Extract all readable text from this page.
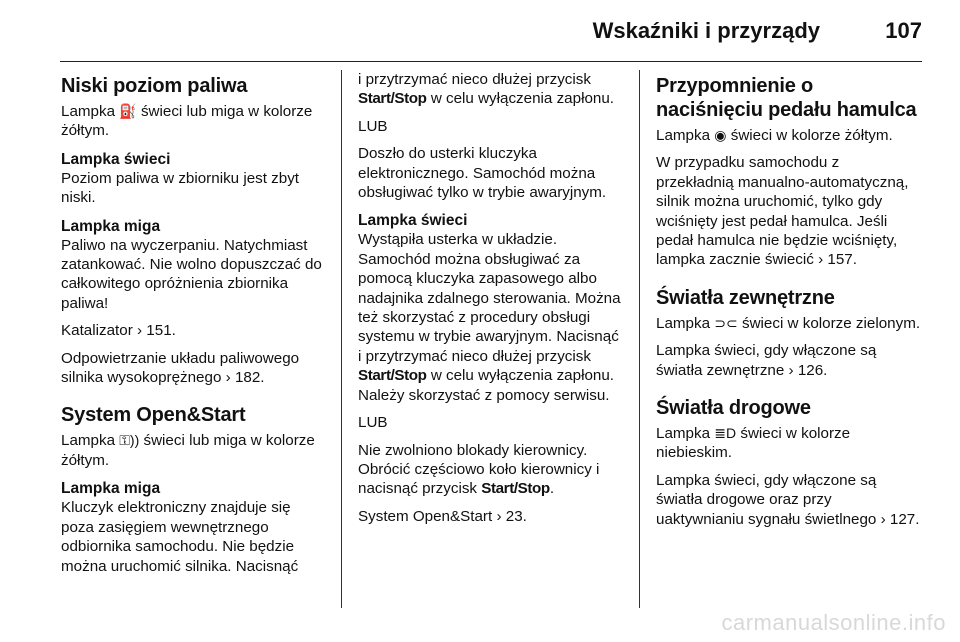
Wskaźniki i przyrządy	107
Niski poziom paliwa

Lampka ⛽ świeci lub miga w kolorze żółtym.

Lampka świeci

Poziom paliwa w zbiorniku jest zbyt niski.

Lampka miga

Paliwo na wyczerpaniu. Natychmiast zatankować. Nie wolno dopuszczać do całkowitego opróżnienia zbiornika paliwa!

Katalizator › 151.

Odpowietrzanie układu paliwowego silnika wysokoprężnego › 182.

System Open&Start

Lampka ⚿)) świeci lub miga w kolorze żółtym.

Lampka miga

Kluczyk elektroniczny znajduje się poza zasięgiem wewnętrznego odbiornika samochodu. Nie będzie można uruchomić silnika. Nacisnąć

i przytrzymać nieco dłużej przycisk Start/Stop w celu wyłączenia zapłonu.

LUB

Doszło do usterki kluczyka elektronicznego. Samochód można obsługiwać tylko w trybie awaryjnym.

Lampka świeci

Wystąpiła usterka w układzie. Samochód można obsługiwać za pomocą kluczyka zapasowego albo nadajnika zdalnego sterowania. Można też skorzystać z procedury obsługi systemu w trybie awaryjnym. Nacisnąć i przytrzymać nieco dłużej przycisk Start/Stop w celu wyłączenia zapłonu. Należy skorzystać z pomocy serwisu.

LUB

Nie zwolniono blokady kierownicy. Obrócić częściowo koło kierownicy i nacisnąć przycisk Start/Stop.

System Open&Start › 23.

Przypomnienie o naciśnięciu pedału hamulca

Lampka ◉ świeci w kolorze żółtym.

W przypadku samochodu z przekładnią manualno-automatyczną, silnik można uruchomić, tylko gdy wciśnięty jest pedał hamulca. Jeśli pedał hamulca nie będzie wciśnięty, lampka zacznie świecić › 157.

Światła zewnętrzne

Lampka ⊃⊂ świeci w kolorze zielonym.

Lampka świeci, gdy włączone są światła zewnętrzne › 126.

Światła drogowe

Lampka ≣D świeci w kolorze niebieskim.

Lampka świeci, gdy włączone są światła drogowe oraz przy uaktywnianiu sygnału świetlnego › 127.

carmanualsonline.info
